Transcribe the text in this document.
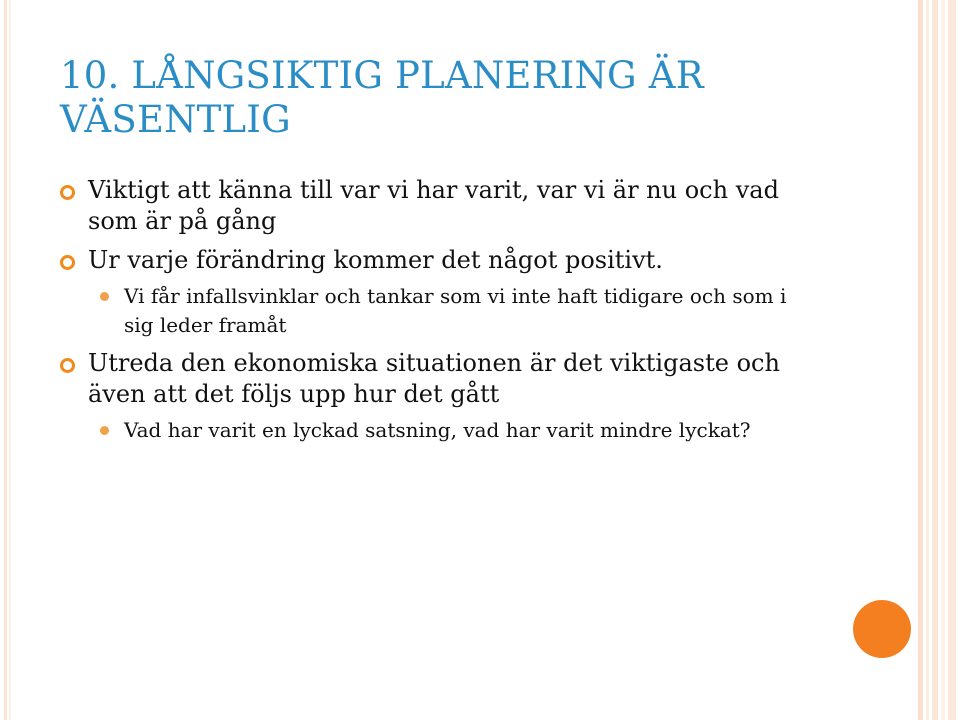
10. LÅNGSIKTIG PLANERING ÄR VÄSENTLIG
Viktigt att känna till var vi har varit, var vi är nu och vad som är på gång
Ur varje förändring kommer det något positivt.
Vi får infallsvinklar och tankar som vi inte haft tidigare och som i sig leder framåt
Utreda den ekonomiska situationen är det viktigaste och även att det följs upp hur det gått
Vad har varit en lyckad satsning, vad har varit mindre lyckat?
